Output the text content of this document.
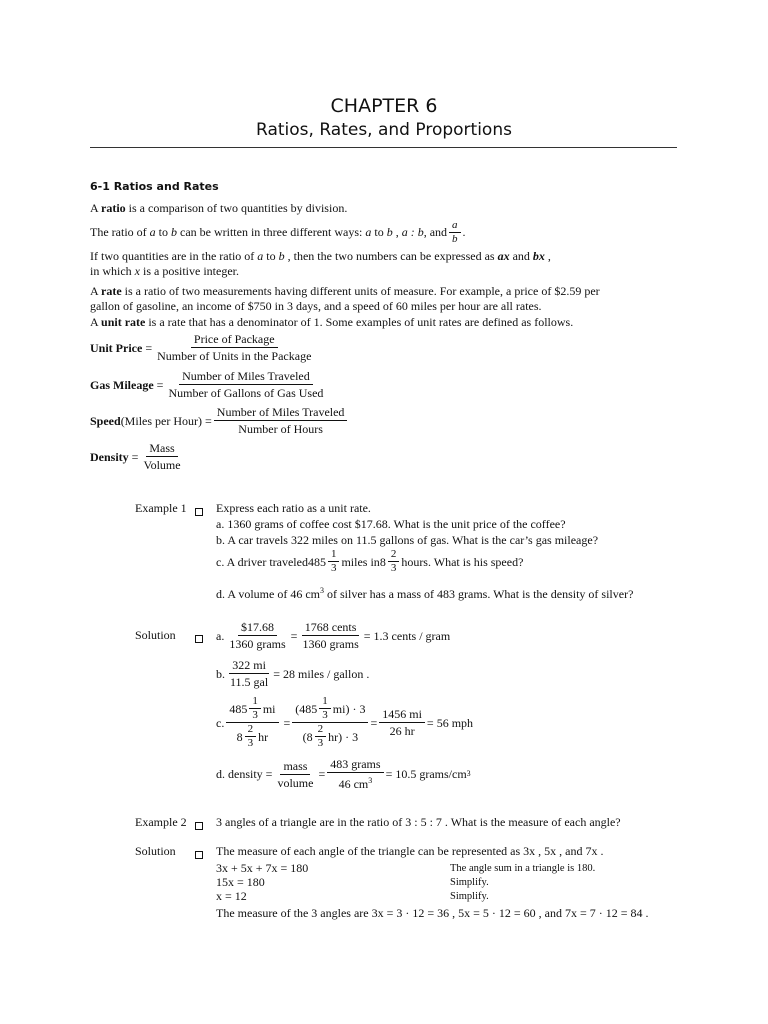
CHAPTER 6
Ratios, Rates, and Proportions
6-1 Ratios and Rates
A ratio is a comparison of two quantities by division.
The ratio of a to b can be written in three different ways: a to b , a : b , and $\frac{a}{b}$ .
If two quantities are in the ratio of a to b , then the two numbers can be expressed as ax and bx ,
in which x is a positive integer.
A rate is a ratio of two measurements having different units of measure. For example, a price of $2.59 per
gallon of gasoline, an income of $750 in 3 days, and a speed of 60 miles per hour are all rates.
A unit rate is a rate that has a denominator of 1. Some examples of unit rates are defined as follows.
Unit Price = $\frac{\text{Price of Package}}{\text{Number of Units in the Package}}$
Gas Mileage = $\frac{\text{Number of Miles Traveled}}{\text{Number of Gallons of Gas Used}}$
Speed (Miles per Hour) = $\frac{\text{Number of Miles Traveled}}{\text{Number of Hours}}$
Density = $\frac{\text{Mass}}{\text{Volume}}$
Example 1 Express each ratio as a unit rate.
a. 1360 grams of coffee cost $17.68. What is the unit price of the coffee?
b. A car travels 322 miles on 11.5 gallons of gas. What is the car’s gas mileage?
c. A driver traveled $485 \frac{1}{3}$ miles in $8 \frac{2}{3}$ hours. What is his speed?
d. A volume of 46 $cm^3$ of silver has a mass of 483 grams. What is the density of silver?
Solution	a. $\frac{\$17.68}{\text{1360 grams}} = \frac{\text{1768 cents}}{\text{1360 grams}} = 1.3$ cents / gram
b. $\frac{322 mi}{\text{11.5 gal}} = 28$ miles / gallon .
c. $\frac{485 \frac{1}{3} mi}{8 \frac{2}{3} hr} = \frac{(485 \frac{1}{3} mi) \cdot 3}{(8 \frac{2}{3} hr) \cdot 3} = \frac{1456 mi}{26 hr} = 56$ mph
d.
density = $\frac{\text{mass}}{\text{volume}} = \frac{\text{483 grams}}{46 cm^3} = 10.5$ grams/cm 3
Example 2 3 angles of a triangle are in the ratio of 3 : 5 : 7 . What is the measure of each angle?
Solution	The measure of each angle of the triangle can be represented as 3x , 5x , and 7x .
3x + 5x + 7x = 180	The angle sum in a triangle is 180.
15x = 180	Simplify.
x = 12	Simplify.
The measure of the 3 angles are 3x = 3 · 12 = 36 , 5x = 5 · 12 = 60 , and 7x = 7 · 12 = 84 .
